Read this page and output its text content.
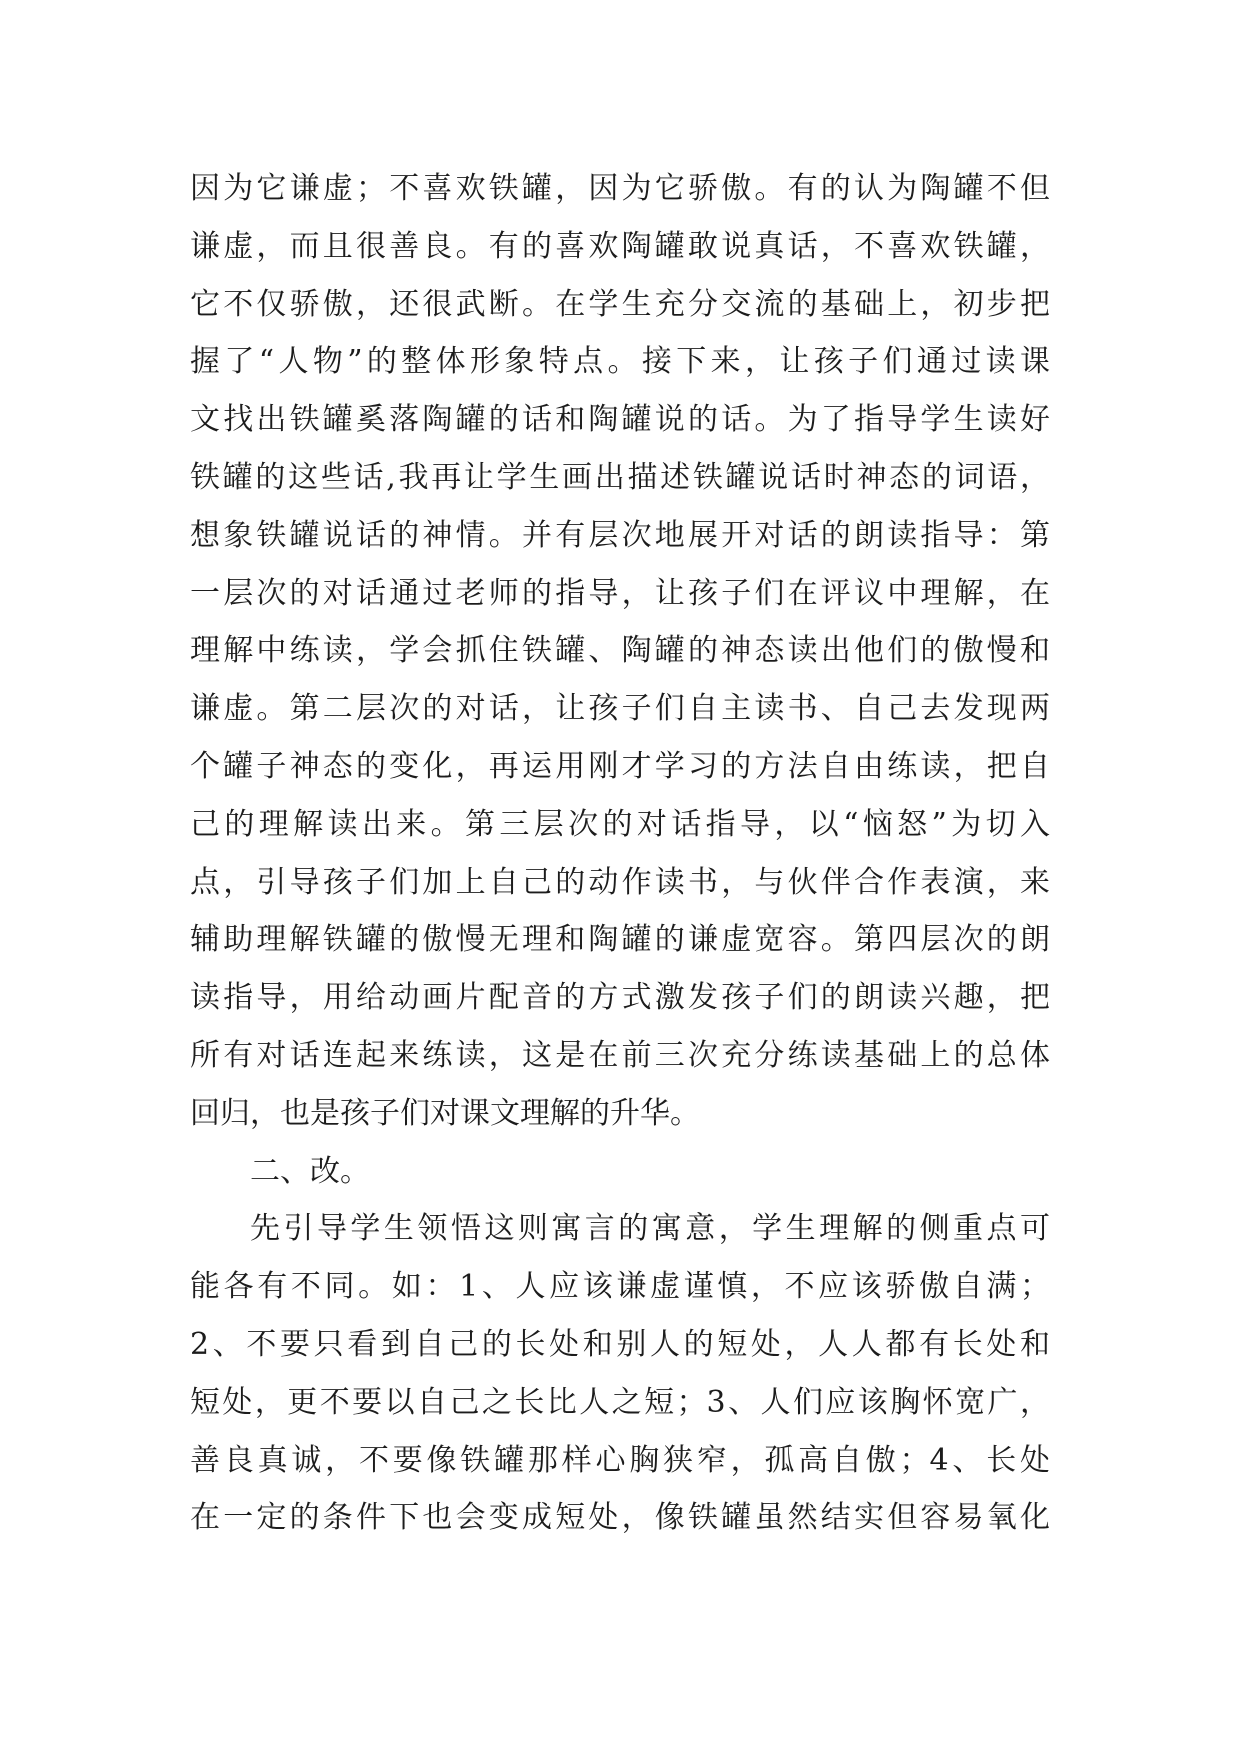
因为它谦虚；不喜欢铁罐，因为它骄傲。有的认为陶罐不但
谦虚，而且很善良。有的喜欢陶罐敢说真话，不喜欢铁罐，
它不仅骄傲，还很武断。在学生充分交流的基础上，初步把
握了“人物”的整体形象特点。接下来，让孩子们通过读课
文找出铁罐奚落陶罐的话和陶罐说的话。为了指导学生读好
铁罐的这些话,我再让学生画出描述铁罐说话时神态的词语，
想象铁罐说话的神情。并有层次地展开对话的朗读指导：第
一层次的对话通过老师的指导，让孩子们在评议中理解，在
理解中练读，学会抓住铁罐、陶罐的神态读出他们的傲慢和
谦虚。第二层次的对话，让孩子们自主读书、自己去发现两
个罐子神态的变化，再运用刚才学习的方法自由练读，把自
己的理解读出来。第三层次的对话指导，以“恼怒”为切入
点，引导孩子们加上自己的动作读书，与伙伴合作表演，来
辅助理解铁罐的傲慢无理和陶罐的谦虚宽容。第四层次的朗
读指导，用给动画片配音的方式激发孩子们的朗读兴趣，把
所有对话连起来练读，这是在前三次充分练读基础上的总体
回归，也是孩子们对课文理解的升华。
二、改。
先引导学生领悟这则寓言的寓意，学生理解的侧重点可
能各有不同。如：1、人应该谦虚谨慎，不应该骄傲自满；
2、不要只看到自己的长处和别人的短处，人人都有长处和
短处，更不要以自己之长比人之短；3、人们应该胸怀宽广，
善良真诚，不要像铁罐那样心胸狭窄，孤高自傲；4、长处
在一定的条件下也会变成短处，像铁罐虽然结实但容易氧化
